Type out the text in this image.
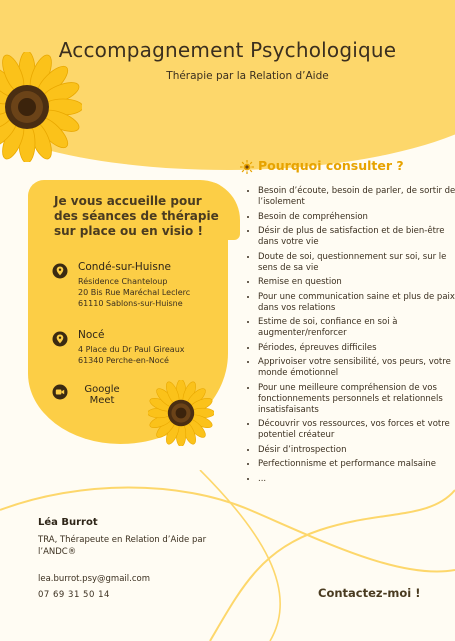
Accompagnement Psychologique
Thérapie par la Relation d’Aide
Je vous accueille pour des séances de thérapie sur place ou en visio !
Condé-sur-Huisne
Résidence Chanteloup
20 Bis Rue Maréchal Leclerc
61110 Sablons-sur-Huisne
Nocé
4 Place du Dr Paul Gireaux
61340 Perche-en-Nocé
Google Meet
Pourquoi consulter ?
• Besoin d’écoute, besoin de parler, de sortir de l’isolement
• Besoin de compréhension
• Désir de plus de satisfaction et de bien-être dans votre vie
• Doute de soi, questionnement sur soi, sur le sens de sa vie
• Remise en question
• Pour une communication saine et plus de paix dans vos relations
• Estime de soi, confiance en soi à augmenter/renforcer
• Périodes, épreuves difficiles
• Apprivoiser votre sensibilité, vos peurs, votre monde émotionnel
• Pour une meilleure compréhension de vos fonctionnements personnels et relationnels insatisfaisants
• Découvrir vos ressources, vos forces et votre potentiel créateur
• Désir d’introspection
• Perfectionnisme et performance malsaine
• ...
Léa Burrot
TRA, Thérapeute en Relation d’Aide par l’ANDC®
lea.burrot.psy@gmail.com
07 69 31 50 14	Contactez-moi !
